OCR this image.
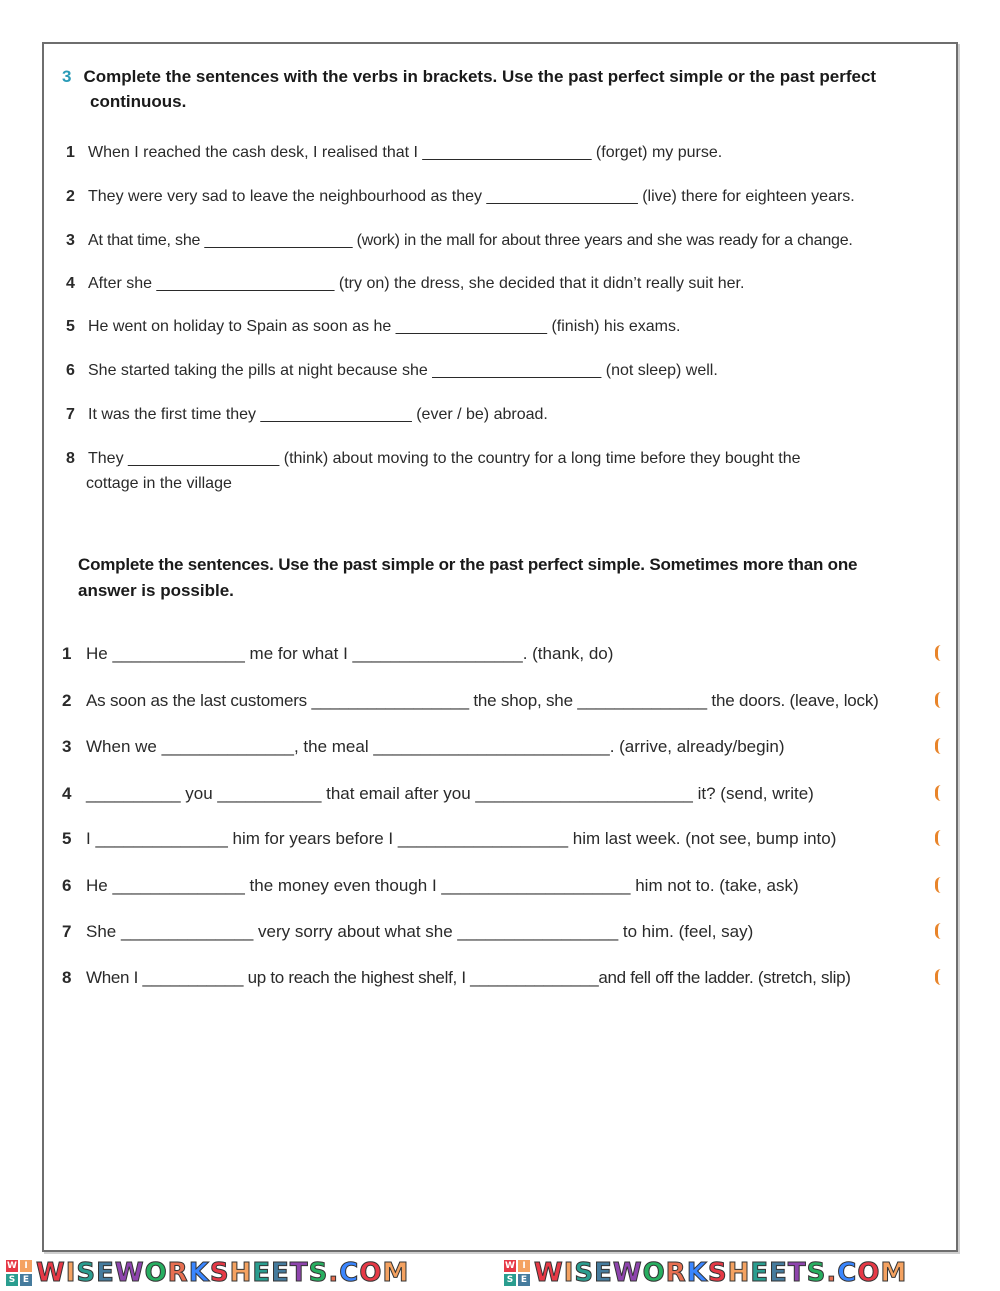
3 Complete the sentences with the verbs in brackets. Use the past perfect simple or the past perfect
continuous.
1 When I reached the cash desk, I realised that I ___________________ (forget) my purse.
2 They were very sad to leave the neighbourhood as they _________________ (live) there for eighteen years.
3 At that time, she _________________ (work) in the mall for about three years and she was ready for a change.
4 After she ____________________ (try on) the dress, she decided that it didn’t really suit her.
5 He went on holiday to Spain as soon as he _________________ (finish) his exams.
6 She started taking the pills at night because she ___________________ (not sleep) well.
7 It was the first time they _________________ (ever / be) abroad.
8 They _________________ (think) about moving to the country for a long time before they bought the
cottage in the village
Complete the sentences. Use the past simple or the past perfect simple. Sometimes more than one
answer is possible.
1 He ______________ me for what I __________________. (thank, do)
2 As soon as the last customers _________________ the shop, she ______________ the doors. (leave, lock)
3 When we ______________, the meal _________________________. (arrive, already/begin)
4 __________ you ___________ that email after you _______________________ it? (send, write)
5 I ______________ him for years before I __________________ him last week. (not see, bump into)
6 He ______________ the money even though I ____________________ him not to. (take, ask)
7 She ______________ very sorry about what she _________________ to him. (feel, say)
8 When I ___________ up to reach the highest shelf, I ______________and fell off the ladder. (stretch, slip)
W I
S E WISEWORKSHEETS.COM	W I
S E WISEWORKSHEETS.COM
